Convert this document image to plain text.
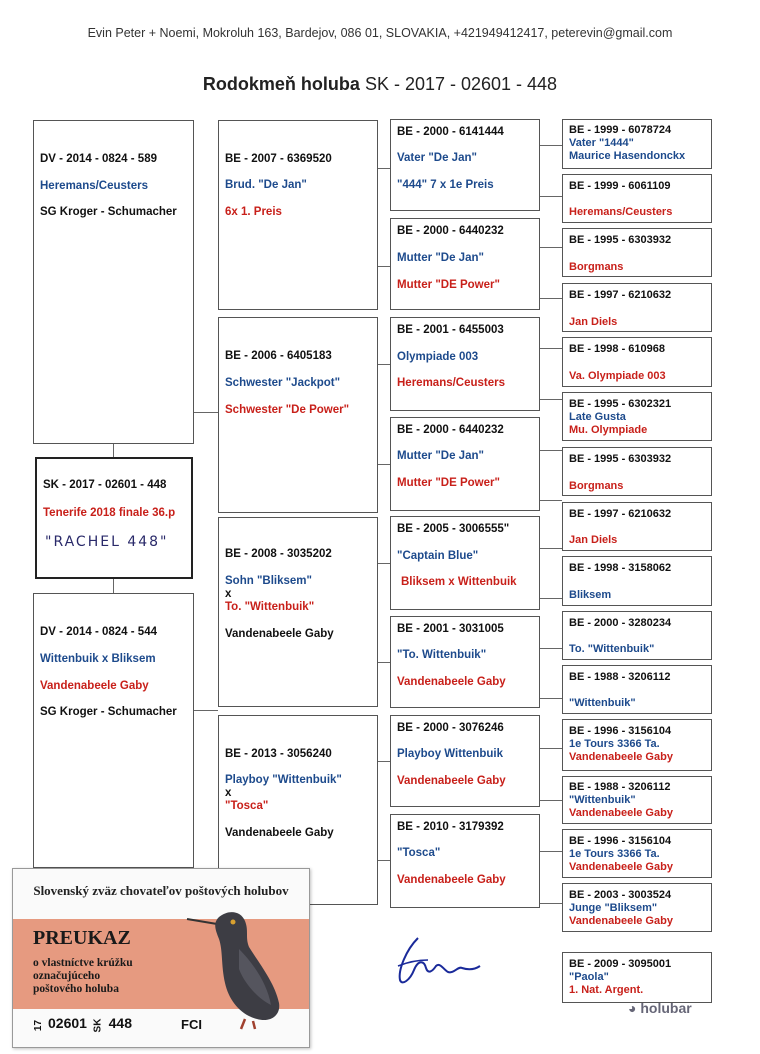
Evin Peter + Noemi, Mokroluh 163, Bardejov, 086 01, SLOVAKIA, +421949412417, peterevin@gmail.com
Rodokmeň holuba SK - 2017 - 02601 - 448
DV - 2014 - 0824 - 589
Heremans/Ceusters
SG Kroger - Schumacher
SK - 2017 - 02601 - 448
Tenerife 2018 finale 36.p
"RACHEL 448"
DV - 2014 - 0824 - 544
Wittenbuik x Bliksem
Vandenabeele Gaby
SG Kroger - Schumacher
BE - 2007 - 6369520
Brud. "De Jan"
6x 1. Preis
BE - 2006 - 6405183
Schwester "Jackpot"
Schwester "De Power"
BE - 2008 - 3035202
Sohn "Bliksem"
x
To. "Wittenbuik"
Vandenabeele Gaby
BE - 2013 - 3056240
Playboy "Wittenbuik"
x
"Tosca"
Vandenabeele Gaby
BE - 2000 - 6141444
Vater "De Jan"
"444" 7 x 1e Preis
BE - 2000 - 6440232
Mutter "De Jan"
Mutter "DE Power"
BE - 2001 - 6455003
Olympiade 003
Heremans/Ceusters
BE - 2000 - 6440232
Mutter "De Jan"
Mutter "DE Power"
BE - 2005 - 3006555"
"Captain Blue"
Bliksem x Wittenbuik
BE - 2001 - 3031005
"To. Wittenbuik"
Vandenabeele Gaby
BE - 2000 - 3076246
Playboy Wittenbuik
Vandenabeele Gaby
BE - 2010 - 3179392
"Tosca"
Vandenabeele Gaby
BE - 1999 - 6078724
Vater "1444"
Maurice Hasendonckx
BE - 1999 - 6061109
Heremans/Ceusters
BE - 1995 - 6303932
Borgmans
BE - 1997 - 6210632
Jan Diels
BE - 1998 - 610968
Va. Olympiade 003
BE - 1995 - 6302321
Late Gusta
Mu. Olympiade
BE - 1995 - 6303932
Borgmans
BE - 1997 - 6210632
Jan Diels
BE - 1998 - 3158062
Bliksem
BE - 2000 - 3280234
To. "Wittenbuik"
BE - 1988 - 3206112
"Wittenbuik"
BE - 1996 - 3156104
1e Tours 3366 Ta.
Vandenabeele Gaby
BE - 1988 - 3206112
"Wittenbuik"
Vandenabeele Gaby
BE - 1996 - 3156104
1e Tours 3366 Ta.
Vandenabeele Gaby
BE - 2003 - 3003524
Junge "Bliksem"
Vandenabeele Gaby
BE - 2009 - 3095001
"Paola"
1. Nat. Argent.
Slovenský zväz chovateľov poštových holubov
PREUKAZ
o vlastníctve krúžku
označujúceho
poštového holuba
17 02601 SK 448	FCI
◕ holubar
